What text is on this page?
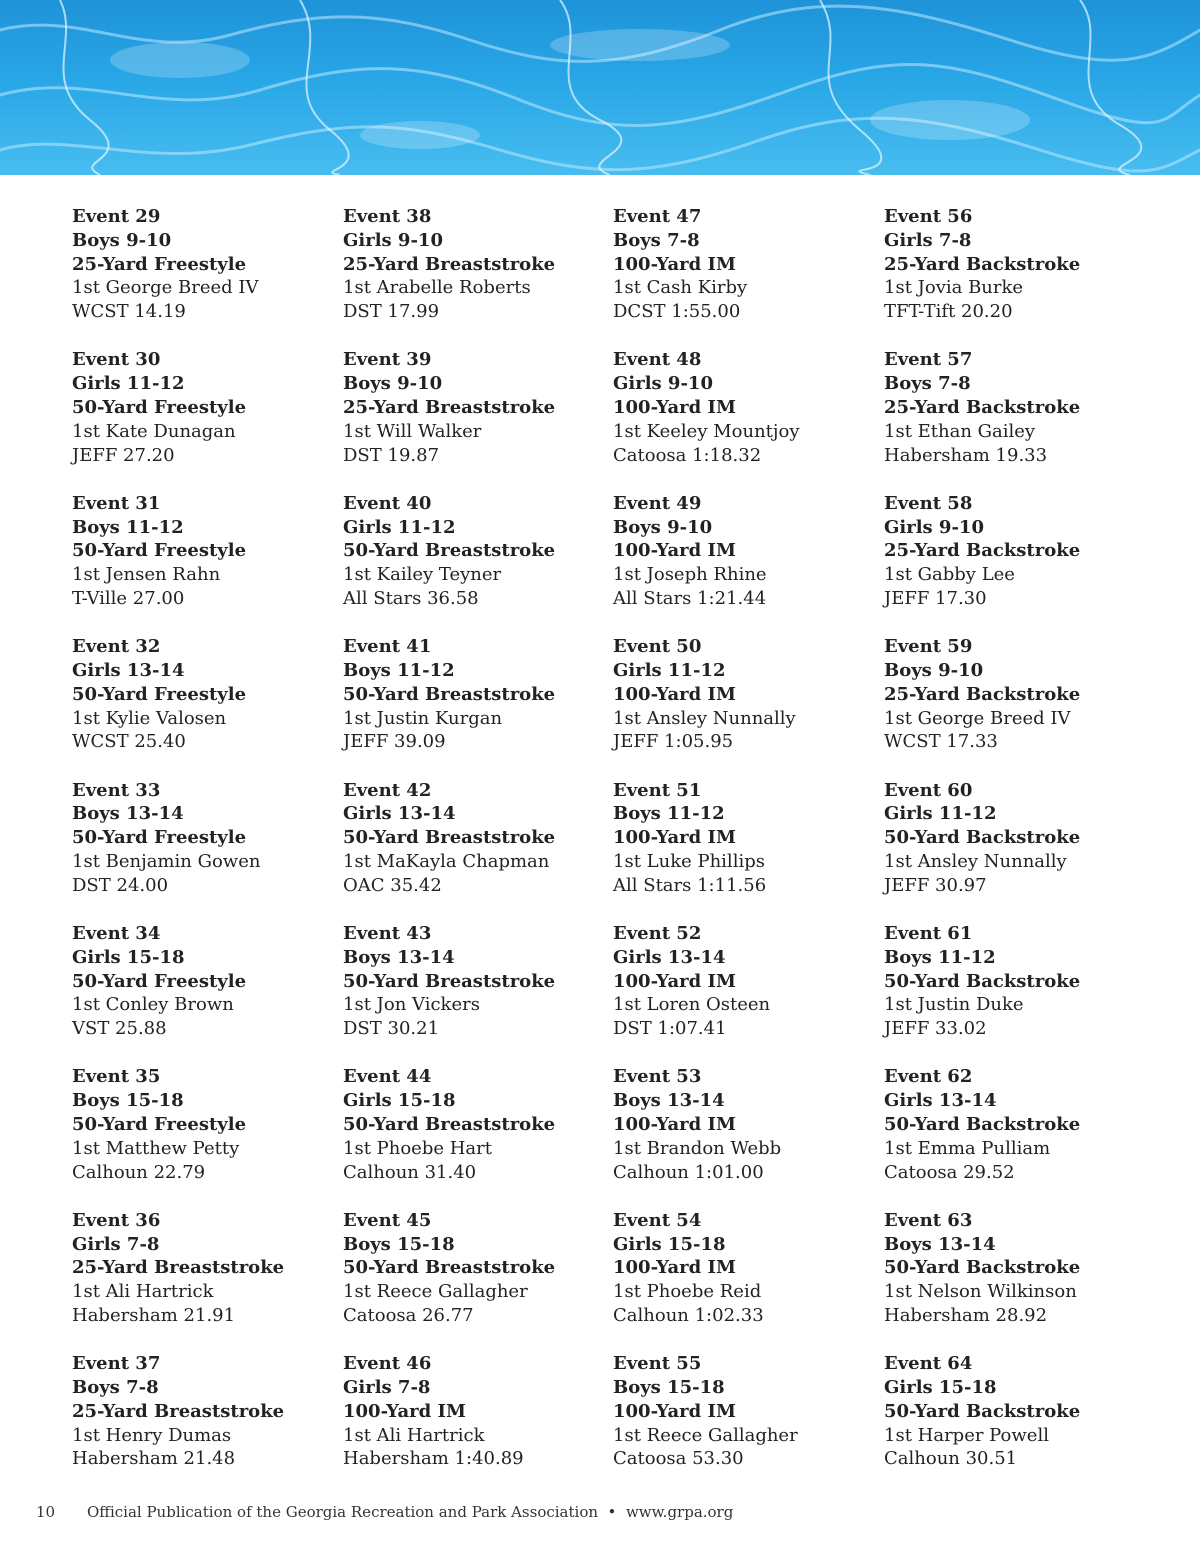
Event 29
Boys 9-10
25-Yard Freestyle
1st George Breed IV
WCST 14.19
Event 30
Girls 11-12
50-Yard Freestyle
1st Kate Dunagan
JEFF 27.20
Event 31
Boys 11-12
50-Yard Freestyle
1st Jensen Rahn
T-Ville 27.00
Event 32
Girls 13-14
50-Yard Freestyle
1st Kylie Valosen
WCST 25.40
Event 33
Boys 13-14
50-Yard Freestyle
1st Benjamin Gowen
DST 24.00
Event 34
Girls 15-18
50-Yard Freestyle
1st Conley Brown
VST 25.88
Event 35
Boys 15-18
50-Yard Freestyle
1st Matthew Petty
Calhoun 22.79
Event 36
Girls 7-8
25-Yard Breaststroke
1st Ali Hartrick
Habersham 21.91
Event 37
Boys 7-8
25-Yard Breaststroke
1st Henry Dumas
Habersham 21.48
Event 38
Girls 9-10
25-Yard Breaststroke
1st Arabelle Roberts
DST 17.99
Event 39
Boys 9-10
25-Yard Breaststroke
1st Will Walker
DST 19.87
Event 40
Girls 11-12
50-Yard Breaststroke
1st Kailey Teyner
All Stars 36.58
Event 41
Boys 11-12
50-Yard Breaststroke
1st Justin Kurgan
JEFF 39.09
Event 42
Girls 13-14
50-Yard Breaststroke
1st MaKayla Chapman
OAC 35.42
Event 43
Boys 13-14
50-Yard Breaststroke
1st Jon Vickers
DST 30.21
Event 44
Girls 15-18
50-Yard Breaststroke
1st Phoebe Hart
Calhoun 31.40
Event 45
Boys 15-18
50-Yard Breaststroke
1st Reece Gallagher
Catoosa 26.77
Event 46
Girls 7-8
100-Yard IM
1st Ali Hartrick
Habersham 1:40.89
Event 47
Boys 7-8
100-Yard IM
1st Cash Kirby
DCST 1:55.00
Event 48
Girls 9-10
100-Yard IM
1st Keeley Mountjoy
Catoosa 1:18.32
Event 49
Boys 9-10
100-Yard IM
1st Joseph Rhine
All Stars 1:21.44
Event 50
Girls 11-12
100-Yard IM
1st Ansley Nunnally
JEFF 1:05.95
Event 51
Boys 11-12
100-Yard IM
1st Luke Phillips
All Stars 1:11.56
Event 52
Girls 13-14
100-Yard IM
1st Loren Osteen
DST 1:07.41
Event 53
Boys 13-14
100-Yard IM
1st Brandon Webb
Calhoun 1:01.00
Event 54
Girls 15-18
100-Yard IM
1st Phoebe Reid
Calhoun 1:02.33
Event 55
Boys 15-18
100-Yard IM
1st Reece Gallagher
Catoosa 53.30
Event 56
Girls 7-8
25-Yard Backstroke
1st Jovia Burke
TFT-Tift 20.20
Event 57
Boys 7-8
25-Yard Backstroke
1st Ethan Gailey
Habersham 19.33
Event 58
Girls 9-10
25-Yard Backstroke
1st Gabby Lee
JEFF 17.30
Event 59
Boys 9-10
25-Yard Backstroke
1st George Breed IV
WCST 17.33
Event 60
Girls 11-12
50-Yard Backstroke
1st Ansley Nunnally
JEFF 30.97
Event 61
Boys 11-12
50-Yard Backstroke
1st Justin Duke
JEFF 33.02
Event 62
Girls 13-14
50-Yard Backstroke
1st Emma Pulliam
Catoosa 29.52
Event 63
Boys 13-14
50-Yard Backstroke
1st Nelson Wilkinson
Habersham 28.92
Event 64
Girls 15-18
50-Yard Backstroke
1st Harper Powell
Calhoun 30.51
10 Official Publication of the Georgia Recreation and Park Association  •  www.grpa.org
